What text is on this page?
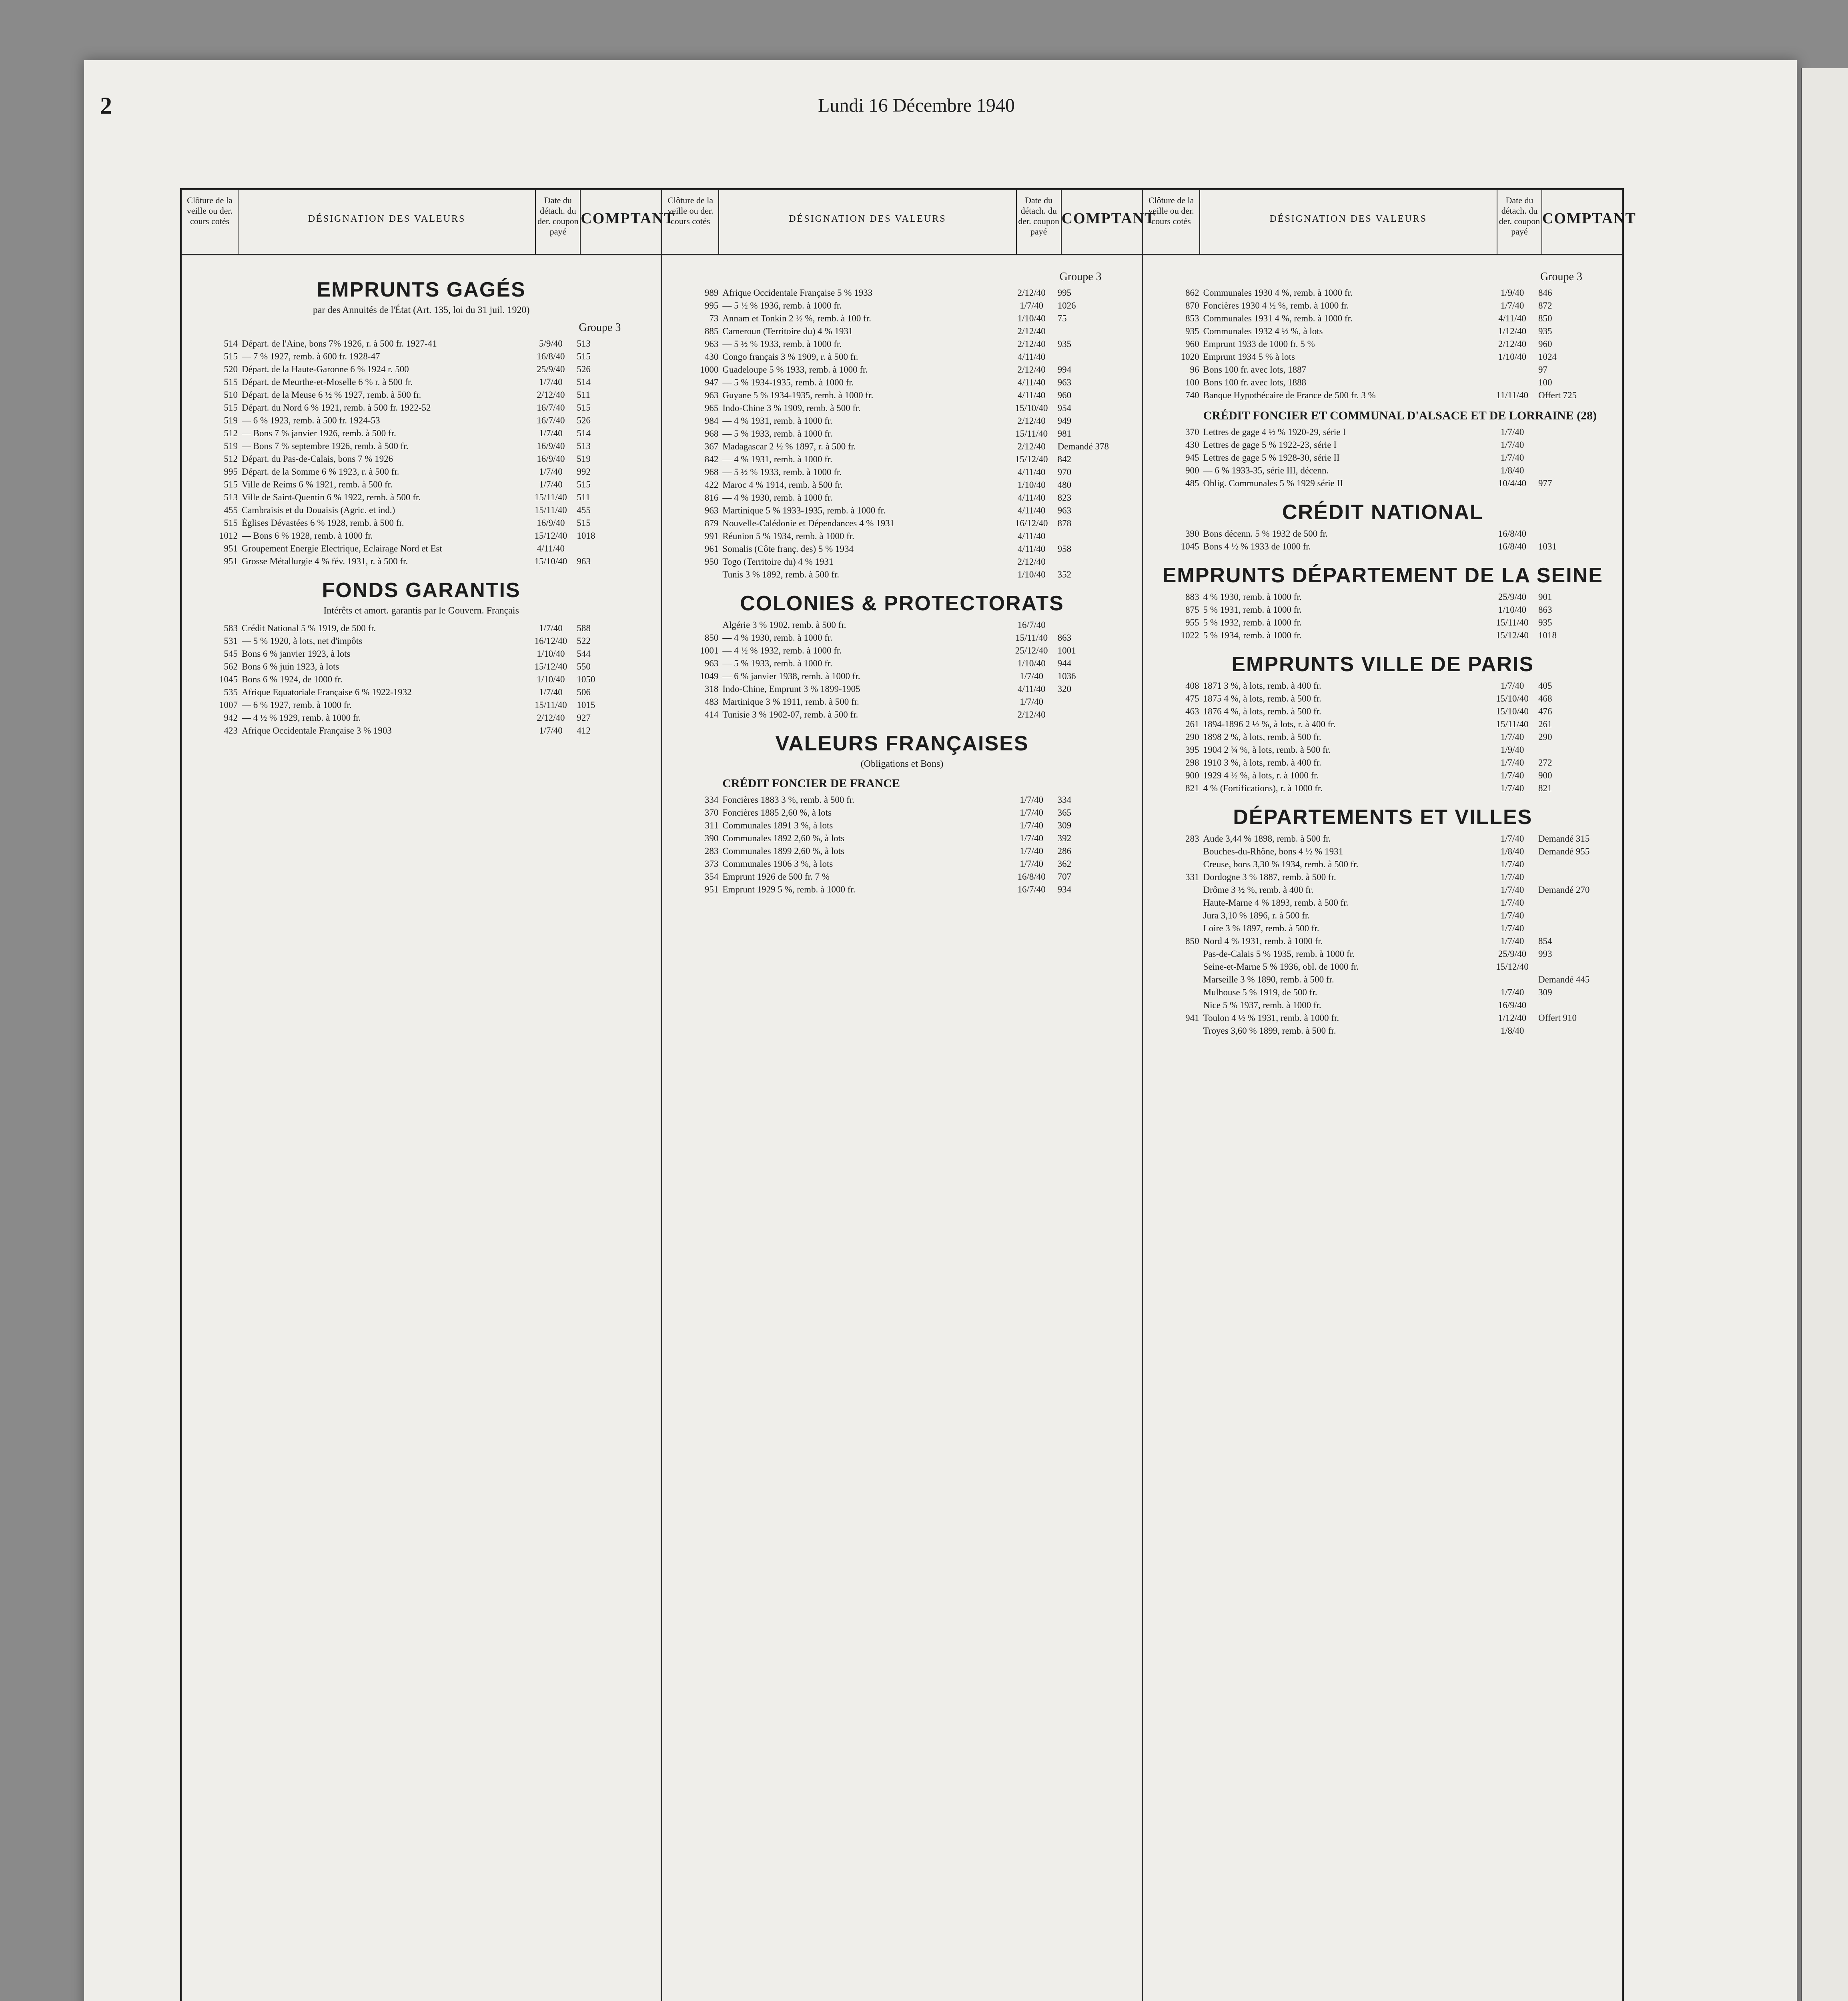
2	Lundi 16 Décembre 1940
Clôture de la veille ou der. cours cotés	DÉSIGNATION DES VALEURS
Date du détach. du der. coupon payé
COMPTANT
EMPRUNTS GAGÉS
par des Annuités de l'État (Art. 135, loi du 31 juil. 1920)
Groupe 3
514 Départ. de l'Aine, bons 7% 1926, r. à 500 fr. 1927-41	5/9/40	513
515 — 7 % 1927, remb. à 600 fr. 1928-47	16/8/40	515
520 Départ. de la Haute-Garonne 6 % 1924 r. 500	25/9/40	526
515 Départ. de Meurthe-et-Moselle 6 % r. à 500 fr.	1/7/40	514
510 Départ. de la Meuse 6 ½ % 1927, remb. à 500 fr.	2/12/40	511
515 Départ. du Nord 6 % 1921, remb. à 500 fr. 1922-52	16/7/40	515
519 — 6 % 1923, remb. à 500 fr. 1924-53	16/7/40	526
512 — Bons 7 % janvier 1926, remb. à 500 fr.	1/7/40	514
519 — Bons 7 % septembre 1926, remb. à 500 fr.	16/9/40	513
512 Départ. du Pas-de-Calais, bons 7 % 1926	16/9/40	519
995 Départ. de la Somme 6 % 1923, r. à 500 fr.	1/7/40	992
515 Ville de Reims 6 % 1921, remb. à 500 fr.	1/7/40	515
513 Ville de Saint-Quentin 6 % 1922, remb. à 500 fr.	15/11/40	511
455 Cambraisis et du Douaisis (Agric. et ind.)	15/11/40	455
515 Églises Dévastées 6 % 1928, remb. à 500 fr.	16/9/40	515
1012 — Bons 6 % 1928, remb. à 1000 fr.	15/12/40	1018
951 Groupement Energie Electrique, Eclairage Nord et Est	4/11/40
951 Grosse Métallurgie 4 % fév. 1931, r. à 500 fr.	15/10/40	963
FONDS GARANTIS
Intérêts et amort. garantis par le Gouvern. Français
583 Crédit National 5 % 1919, de 500 fr.	1/7/40	588
531 — 5 % 1920, à lots, net d'impôts	16/12/40	522
545 Bons 6 % janvier 1923, à lots	1/10/40	544
562 Bons 6 % juin 1923, à lots	15/12/40	550
1045 Bons 6 % 1924, de 1000 fr.	1/10/40	1050
535 Afrique Equatoriale Française 6 % 1922-1932	1/7/40	506
1007 — 6 % 1927, remb. à 1000 fr.	15/11/40	1015
942 — 4 ½ % 1929, remb. à 1000 fr.	2/12/40	927
423 Afrique Occidentale Française 3 % 1903	1/7/40	412
Clôture de la veille ou der. cours cotés	DÉSIGNATION DES VALEURS
Date du détach. du der. coupon payé
COMPTANT
Groupe 3
989 Afrique Occidentale Française 5 % 1933	2/12/40	995
995 — 5 ½ % 1936, remb. à 1000 fr.	1/7/40	1026
73 Annam et Tonkin 2 ½ %, remb. à 100 fr.	1/10/40	75
885 Cameroun (Territoire du) 4 % 1931	2/12/40
963 — 5 ½ % 1933, remb. à 1000 fr.	2/12/40	935
430 Congo français 3 % 1909, r. à 500 fr.	4/11/40
1000 Guadeloupe 5 % 1933, remb. à 1000 fr.	2/12/40	994
947 — 5 % 1934-1935, remb. à 1000 fr.	4/11/40	963
963 Guyane 5 % 1934-1935, remb. à 1000 fr.	4/11/40	960
965 Indo-Chine 3 % 1909, remb. à 500 fr.	15/10/40	954
984 — 4 % 1931, remb. à 1000 fr.	2/12/40	949
968 — 5 % 1933, remb. à 1000 fr.	15/11/40	981
367 Madagascar 2 ½ % 1897, r. à 500 fr.	2/12/40	Demandé 378
842 — 4 % 1931, remb. à 1000 fr.	15/12/40	842
968 — 5 ½ % 1933, remb. à 1000 fr.	4/11/40	970
422 Maroc 4 % 1914, remb. à 500 fr.	1/10/40	480
816 — 4 % 1930, remb. à 1000 fr.	4/11/40	823
963 Martinique 5 % 1933-1935, remb. à 1000 fr.	4/11/40	963
879 Nouvelle-Calédonie et Dépendances 4 % 1931	16/12/40	878
991 Réunion 5 % 1934, remb. à 1000 fr.	4/11/40
961 Somalis (Côte franç. des) 5 % 1934	4/11/40	958
950 Togo (Territoire du) 4 % 1931	2/12/40
Tunis 3 % 1892, remb. à 500 fr.	1/10/40	352
COLONIES & PROTECTORATS
Algérie 3 % 1902, remb. à 500 fr.	16/7/40
850 — 4 % 1930, remb. à 1000 fr.	15/11/40	863
1001 — 4 ½ % 1932, remb. à 1000 fr.	25/12/40	1001
963 — 5 % 1933, remb. à 1000 fr.	1/10/40	944
1049 — 6 % janvier 1938, remb. à 1000 fr.	1/7/40	1036
318 Indo-Chine, Emprunt 3 % 1899-1905	4/11/40	320
483 Martinique 3 % 1911, remb. à 500 fr.	1/7/40
414 Tunisie 3 % 1902-07, remb. à 500 fr.	2/12/40
VALEURS FRANÇAISES
(Obligations et Bons)
CRÉDIT FONCIER DE FRANCE
334 Foncières 1883 3 %, remb. à 500 fr.	1/7/40	334
370 Foncières 1885 2,60 %, à lots	1/7/40	365
311 Communales 1891 3 %, à lots	1/7/40	309
390 Communales 1892 2,60 %, à lots	1/7/40	392
283 Communales 1899 2,60 %, à lots	1/7/40	286
373 Communales 1906 3 %, à lots	1/7/40	362
354 Emprunt 1926 de 500 fr. 7 %	16/8/40	707
951 Emprunt 1929 5 %, remb. à 1000 fr.	16/7/40	934
Clôture de la veille ou der. cours cotés	DÉSIGNATION DES VALEURS
Date du détach. du der. coupon payé
COMPTANT
Groupe 3
862 Communales 1930 4 %, remb. à 1000 fr.	1/9/40	846
870 Foncières 1930 4 ½ %, remb. à 1000 fr.	1/7/40	872
853 Communales 1931 4 %, remb. à 1000 fr.	4/11/40	850
935 Communales 1932 4 ½ %, à lots	1/12/40	935
960 Emprunt 1933 de 1000 fr. 5 %	2/12/40	960
1020 Emprunt 1934 5 % à lots	1/10/40	1024
96 Bons 100 fr. avec lots, 1887	97
100 Bons 100 fr. avec lots, 1888	100
740 Banque Hypothécaire de France de 500 fr. 3 %	11/11/40	Offert 725
CRÉDIT FONCIER ET COMMUNAL D'ALSACE ET DE LORRAINE (28)
370 Lettres de gage 4 ½ % 1920-29, série I	1/7/40
430 Lettres de gage 5 % 1922-23, série I	1/7/40
945 Lettres de gage 5 % 1928-30, série II	1/7/40
900 — 6 % 1933-35, série III, décenn.	1/8/40
485 Oblig. Communales 5 % 1929 série II	10/4/40	977
CRÉDIT NATIONAL
390 Bons décenn. 5 % 1932 de 500 fr.	16/8/40
1045 Bons 4 ½ % 1933 de 1000 fr.	16/8/40	1031
EMPRUNTS DÉPARTEMENT DE LA SEINE
883 4 % 1930, remb. à 1000 fr.	25/9/40	901
875 5 % 1931, remb. à 1000 fr.	1/10/40	863
955 5 % 1932, remb. à 1000 fr.	15/11/40	935
1022 5 % 1934, remb. à 1000 fr.	15/12/40	1018
EMPRUNTS VILLE DE PARIS
408 1871 3 %, à lots, remb. à 400 fr.	1/7/40	405
475 1875 4 %, à lots, remb. à 500 fr.	15/10/40	468
463 1876 4 %, à lots, remb. à 500 fr.	15/10/40	476
261 1894-1896 2 ½ %, à lots, r. à 400 fr.	15/11/40	261
290 1898 2 %, à lots, remb. à 500 fr.	1/7/40	290
395 1904 2 ¾ %, à lots, remb. à 500 fr.	1/9/40
298 1910 3 %, à lots, remb. à 400 fr.	1/7/40	272
900 1929 4 ½ %, à lots, r. à 1000 fr.	1/7/40	900
821 4 % (Fortifications), r. à 1000 fr.	1/7/40	821
DÉPARTEMENTS ET VILLES
283 Aude 3,44 % 1898, remb. à 500 fr.	1/7/40	Demandé 315
Bouches-du-Rhône, bons 4 ½ % 1931	1/8/40	Demandé 955
Creuse, bons 3,30 % 1934, remb. à 500 fr.	1/7/40
331 Dordogne 3 % 1887, remb. à 500 fr.	1/7/40
Drôme 3 ½ %, remb. à 400 fr.	1/7/40	Demandé 270
Haute-Marne 4 % 1893, remb. à 500 fr.	1/7/40
Jura 3,10 % 1896, r. à 500 fr.	1/7/40
Loire 3 % 1897, remb. à 500 fr.	1/7/40
850 Nord 4 % 1931, remb. à 1000 fr.	1/7/40	854
Pas-de-Calais 5 % 1935, remb. à 1000 fr.	25/9/40	993
Seine-et-Marne 5 % 1936, obl. de 1000 fr.	15/12/40
Marseille 3 % 1890, remb. à 500 fr.	Demandé 445
Mulhouse 5 % 1919, de 500 fr.	1/7/40	309
Nice 5 % 1937, remb. à 1000 fr.	16/9/40
941 Toulon 4 ½ % 1931, remb. à 1000 fr.	1/12/40	Offert 910
Troyes 3,60 % 1899, remb. à 500 fr.	1/8/40
